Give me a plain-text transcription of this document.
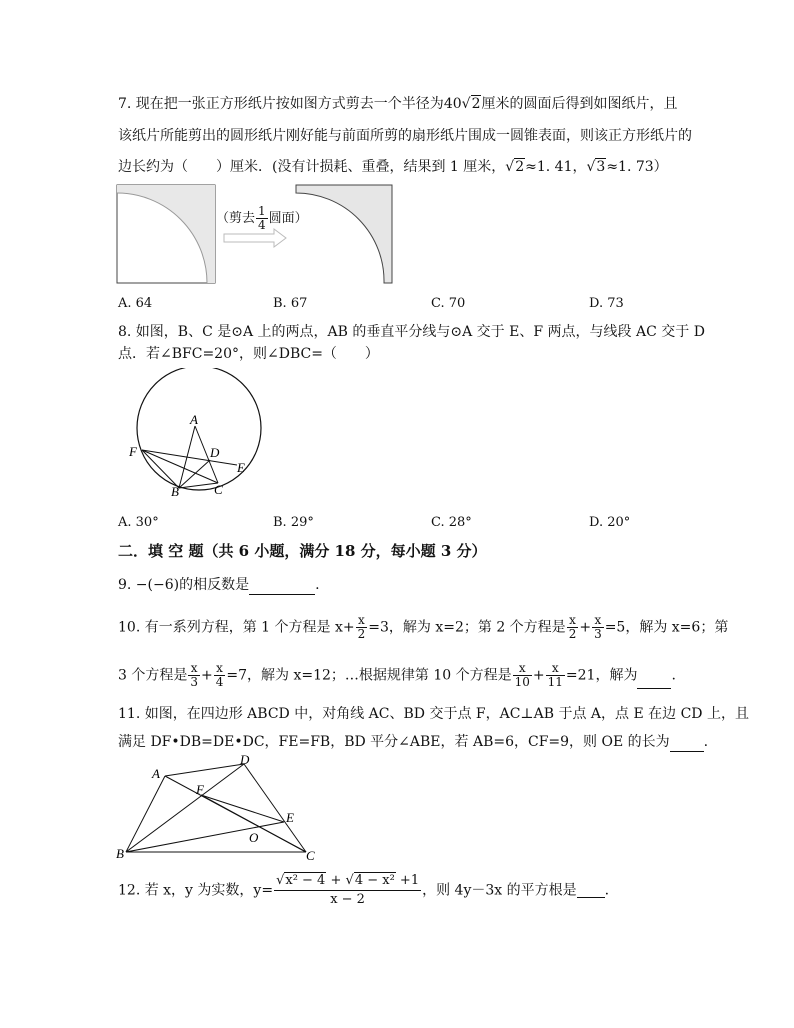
7. 现在把一张正方形纸片按如图方式剪去一个半径为40√2厘米的圆面后得到如图纸片，且
该纸片所能剪出的圆形纸片刚好能与前面所剪的扇形纸片围成一圆锥表面，则该正方形纸片的
边长约为（　　）厘米．(没有计损耗、重叠，结果到 1 厘米，√2≈1. 41，√3≈1. 73）
（剪去 $\frac{1}{4}$ 圆面）
A. 64	B. 67	C. 70	D. 73
8. 如图，B、C 是⊙A 上的两点，AB 的垂直平分线与⊙A 交于 E、F 两点，与线段 AC 交于 D
点．若∠BFC=20°，则∠DBC=（　　）
A
B	C
D
E
F
A. 30°	B. 29°	C. 28°	D. 20°
二．填 空 题（共 6 小题，满分 18 分，每小题 3 分）
9. −(−6)的相反数是	.
10. 有一系列方程，第 1 个方程是 $x+ \frac{x}{2} =3$，解为 x=2；第 2 个方程是 $\frac{x}{2} + \frac{x}{3} =5$，解为 x=6；第
3 个方程是 $\frac{x}{3} + \frac{x}{4} =7$，解为 x=12；…根据规律第 10 个方程是 $\frac{x}{10} + \frac{x}{11} =21$，解为 .
11. 如图，在四边形 ABCD 中，对角线 AC、BD 交于点 F，AC⊥AB 于点 A，点 E 在边 CD 上，且
满足 DF•DB=DE•DC，FE=FB，BD 平分∠ABE，若 AB=6，CF=9，则 OE 的长为 .
A
B	C
D
E
F
O
12. 若 x，y 为实数，$y= \frac{\text{√x² − 4 + √4 − x² +1}}{x - 2}$ ，则 4y－3x 的平方根是 .
